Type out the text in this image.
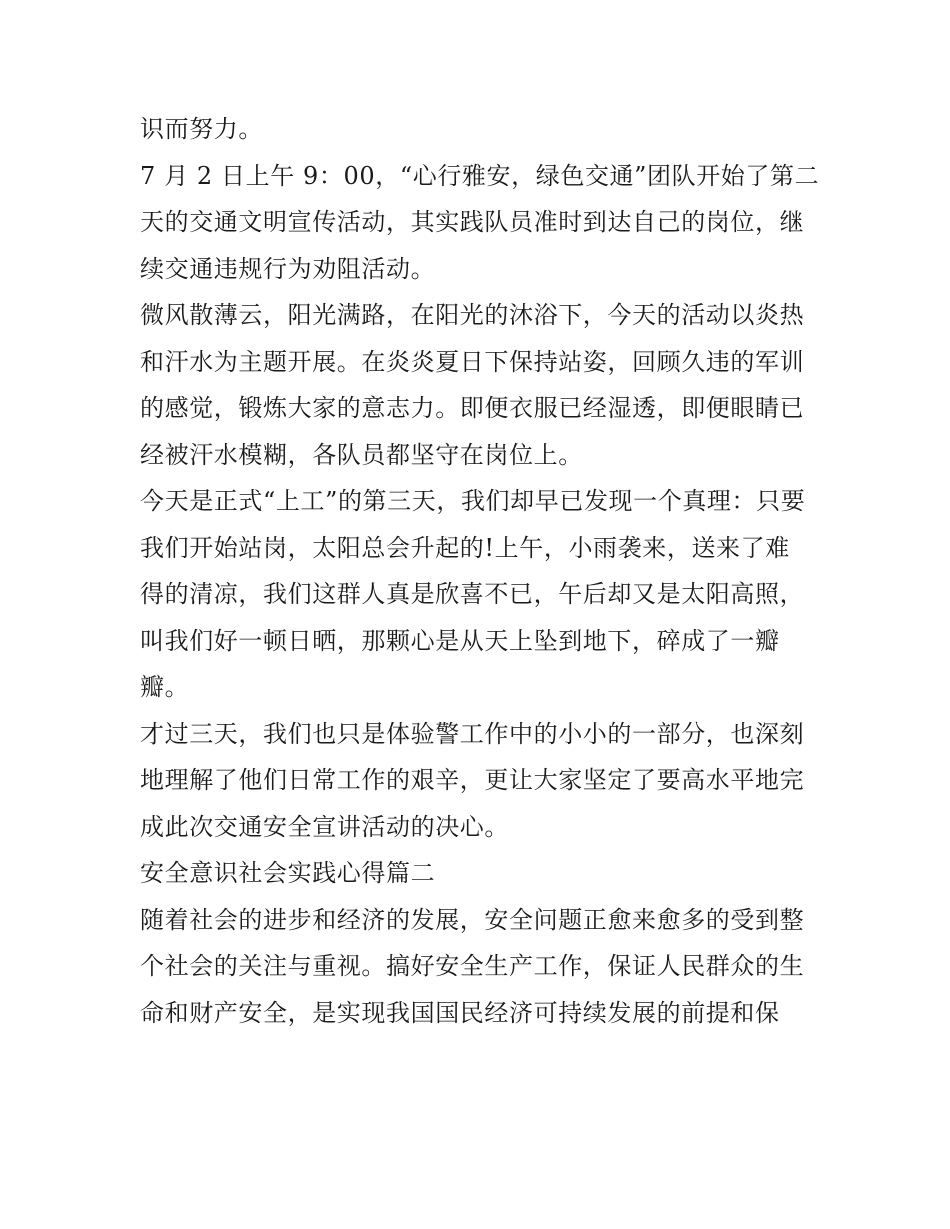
识而努力。
7 月 2 日上午 9：00，“心行雅安，绿色交通”团队开始了第二
天的交通文明宣传活动，其实践队员准时到达自己的岗位，继
续交通违规行为劝阻活动。
微风散薄云，阳光满路，在阳光的沐浴下，今天的活动以炎热
和汗水为主题开展。在炎炎夏日下保持站姿，回顾久违的军训
的感觉，锻炼大家的意志力。即便衣服已经湿透，即便眼睛已
经被汗水模糊，各队员都坚守在岗位上。
今天是正式“上工”的第三天，我们却早已发现一个真理：只要
我们开始站岗，太阳总会升起的!上午，小雨袭来，送来了难
得的清凉，我们这群人真是欣喜不已，午后却又是太阳高照，
叫我们好一顿日晒，那颗心是从天上坠到地下，碎成了一瓣
瓣。
才过三天，我们也只是体验警工作中的小小的一部分，也深刻
地理解了他们日常工作的艰辛，更让大家坚定了要高水平地完
成此次交通安全宣讲活动的决心。
安全意识社会实践心得篇二
随着社会的进步和经济的发展，安全问题正愈来愈多的受到整
个社会的关注与重视。搞好安全生产工作，保证人民群众的生
命和财产安全，是实现我国国民经济可持续发展的前提和保
